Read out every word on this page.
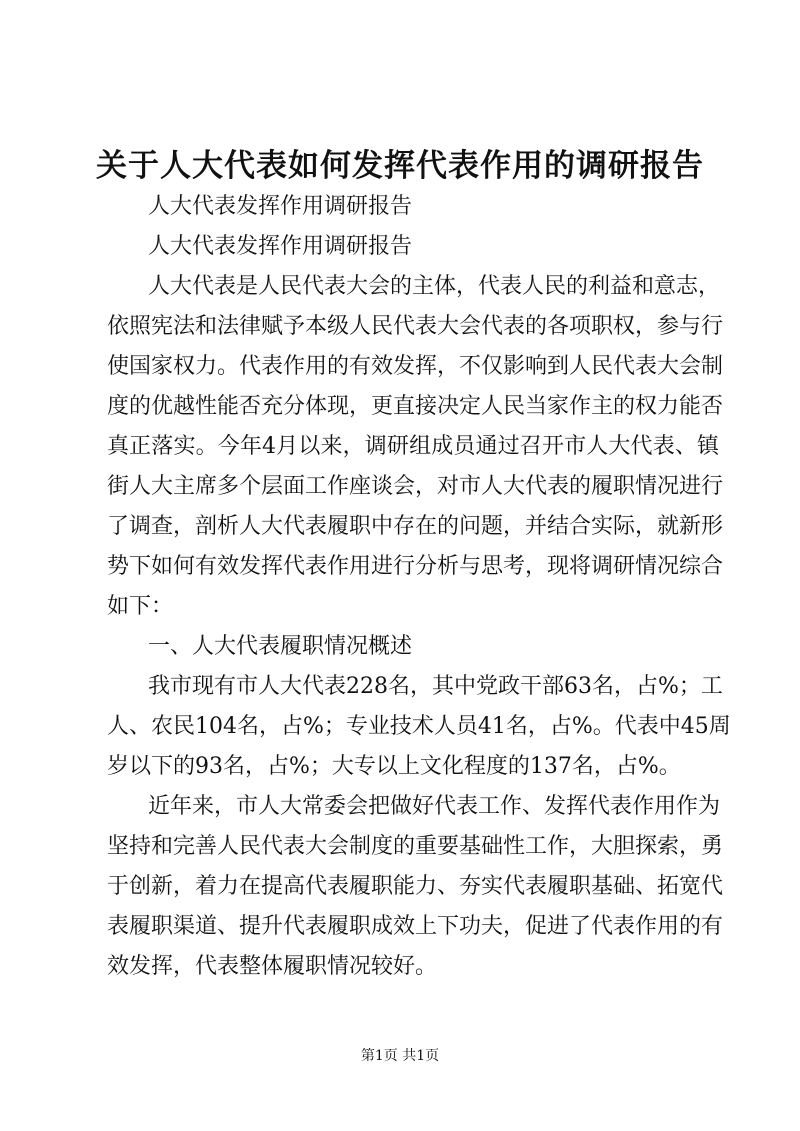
关于人大代表如何发挥代表作用的调研报告
人大代表发挥作用调研报告
人大代表发挥作用调研报告
人大代表是人民代表大会的主体，代表人民的利益和意志，
依照宪法和法律赋予本级人民代表大会代表的各项职权，参与行
使国家权力。代表作用的有效发挥，不仅影响到人民代表大会制
度的优越性能否充分体现，更直接决定人民当家作主的权力能否
真正落实。今年4月以来，调研组成员通过召开市人大代表、镇
街人大主席多个层面工作座谈会，对市人大代表的履职情况进行
了调查，剖析人大代表履职中存在的问题，并结合实际，就新形
势下如何有效发挥代表作用进行分析与思考，现将调研情况综合
如下：
一、人大代表履职情况概述
我市现有市人大代表228名，其中党政干部63名，占%；工
人、农民104名，占%；专业技术人员41名，占%。代表中45周
岁以下的93名，占%；大专以上文化程度的137名，占%。
近年来，市人大常委会把做好代表工作、发挥代表作用作为
坚持和完善人民代表大会制度的重要基础性工作，大胆探索，勇
于创新，着力在提高代表履职能力、夯实代表履职基础、拓宽代
表履职渠道、提升代表履职成效上下功夫，促进了代表作用的有
效发挥，代表整体履职情况较好。
第1页 共1页
